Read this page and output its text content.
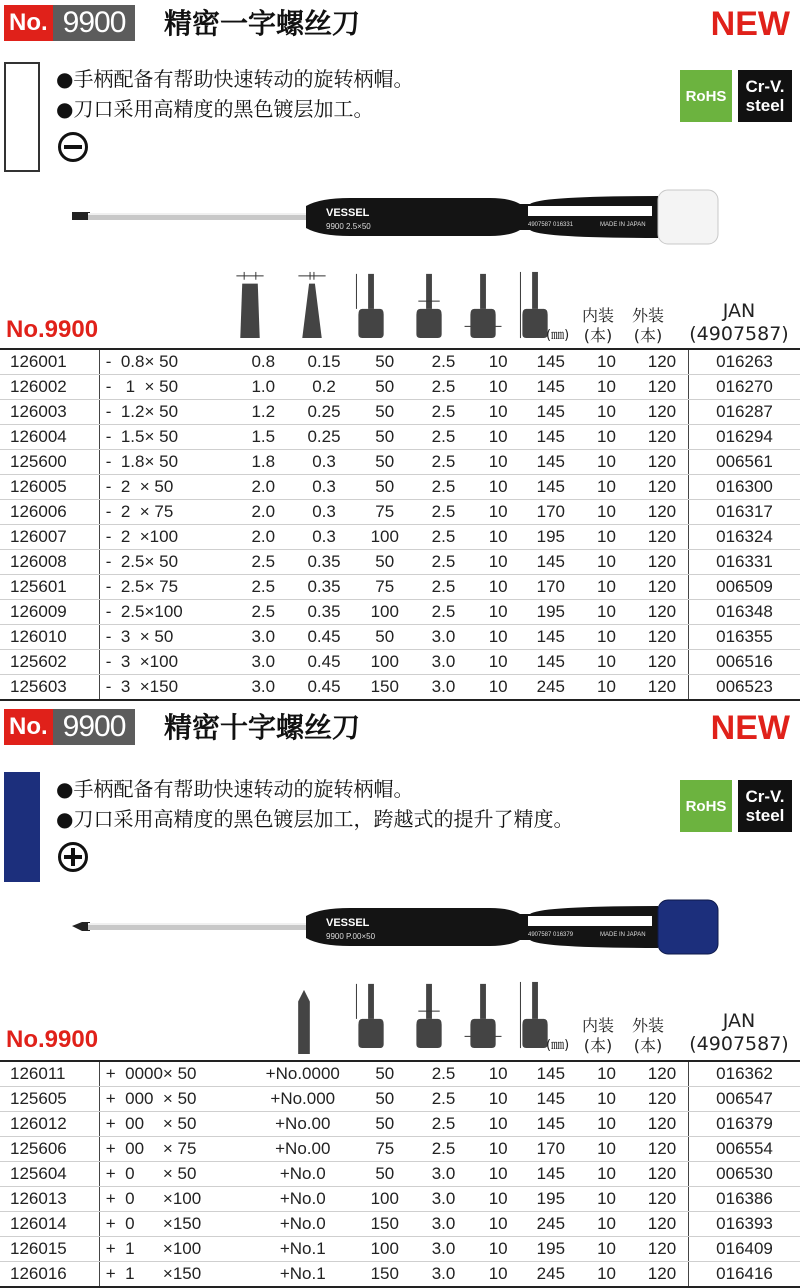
No. 9900	精密一字螺丝刀	NEW
●手柄配备有帮助快速转动的旋转柄帽。
●刀口采用高精度的黑色镀层加工。
RoHS	Cr-V.
steel
VESSEL
9900 2.5×50	4907587 016331	MADE IN JAPAN
No.9900	(㎜)
内装
(本)
外装
(本)
JAN
(4907587)
126001	-  0.8× 50	0.8	0.15	50	2.5	10	145	10	120	016263
126002	-   1  × 50	1.0	0.2	50	2.5	10	145	10	120	016270
126003	-  1.2× 50	1.2	0.25	50	2.5	10	145	10	120	016287
126004	-  1.5× 50	1.5	0.25	50	2.5	10	145	10	120	016294
125600	-  1.8× 50	1.8	0.3	50	2.5	10	145	10	120	006561
126005	-  2  × 50	2.0	0.3	50	2.5	10	145	10	120	016300
126006	-  2  × 75	2.0	0.3	75	2.5	10	170	10	120	016317
126007	-  2  ×100	2.0	0.3	100	2.5	10	195	10	120	016324
126008	-  2.5× 50	2.5	0.35	50	2.5	10	145	10	120	016331
125601	-  2.5× 75	2.5	0.35	75	2.5	10	170	10	120	006509
126009	-  2.5×100	2.5	0.35	100	2.5	10	195	10	120	016348
126010	-  3  × 50	3.0	0.45	50	3.0	10	145	10	120	016355
125602	-  3  ×100	3.0	0.45	100	3.0	10	145	10	120	006516
125603	-  3  ×150	3.0	0.45	150	3.0	10	245	10	120	006523
No. 9900	精密十字螺丝刀	NEW
●手柄配备有帮助快速转动的旋转柄帽。
●刀口采用高精度的黑色镀层加工，跨越式的提升了精度。
RoHS	Cr-V.
steel
VESSEL
9900 P.00×50	4907587 016379	MADE IN JAPAN
No.9900	(㎜)
内装
(本)
外装
(本)
JAN
(4907587)
126011	+  0000× 50	+No.0000	50	2.5	10	145	10	120	016362
125605	+  000  × 50	+No.000	50	2.5	10	145	10	120	006547
126012	+  00    × 50	+No.00	50	2.5	10	145	10	120	016379
125606	+  00    × 75	+No.00	75	2.5	10	170	10	120	006554
125604	+  0      × 50	+No.0	50	3.0	10	145	10	120	006530
126013	+  0      ×100	+No.0	100	3.0	10	195	10	120	016386
126014	+  0      ×150	+No.0	150	3.0	10	245	10	120	016393
126015	+  1      ×100	+No.1	100	3.0	10	195	10	120	016409
126016	+  1      ×150	+No.1	150	3.0	10	245	10	120	016416
